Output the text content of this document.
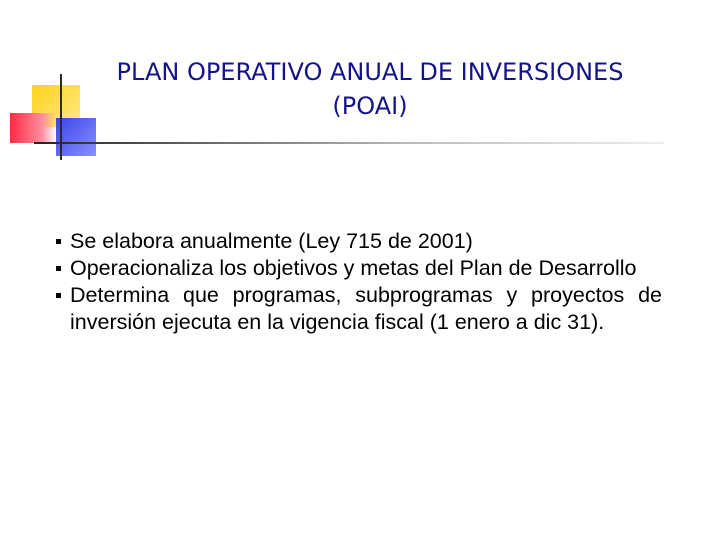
PLAN OPERATIVO ANUAL DE INVERSIONES
(POAI)
Se elabora anualmente (Ley 715 de 2001)
Operacionaliza los objetivos y metas del Plan de Desarrollo
Determina que programas, subprogramas y proyectos de inversión ejecuta en la vigencia fiscal (1 enero a dic 31).
